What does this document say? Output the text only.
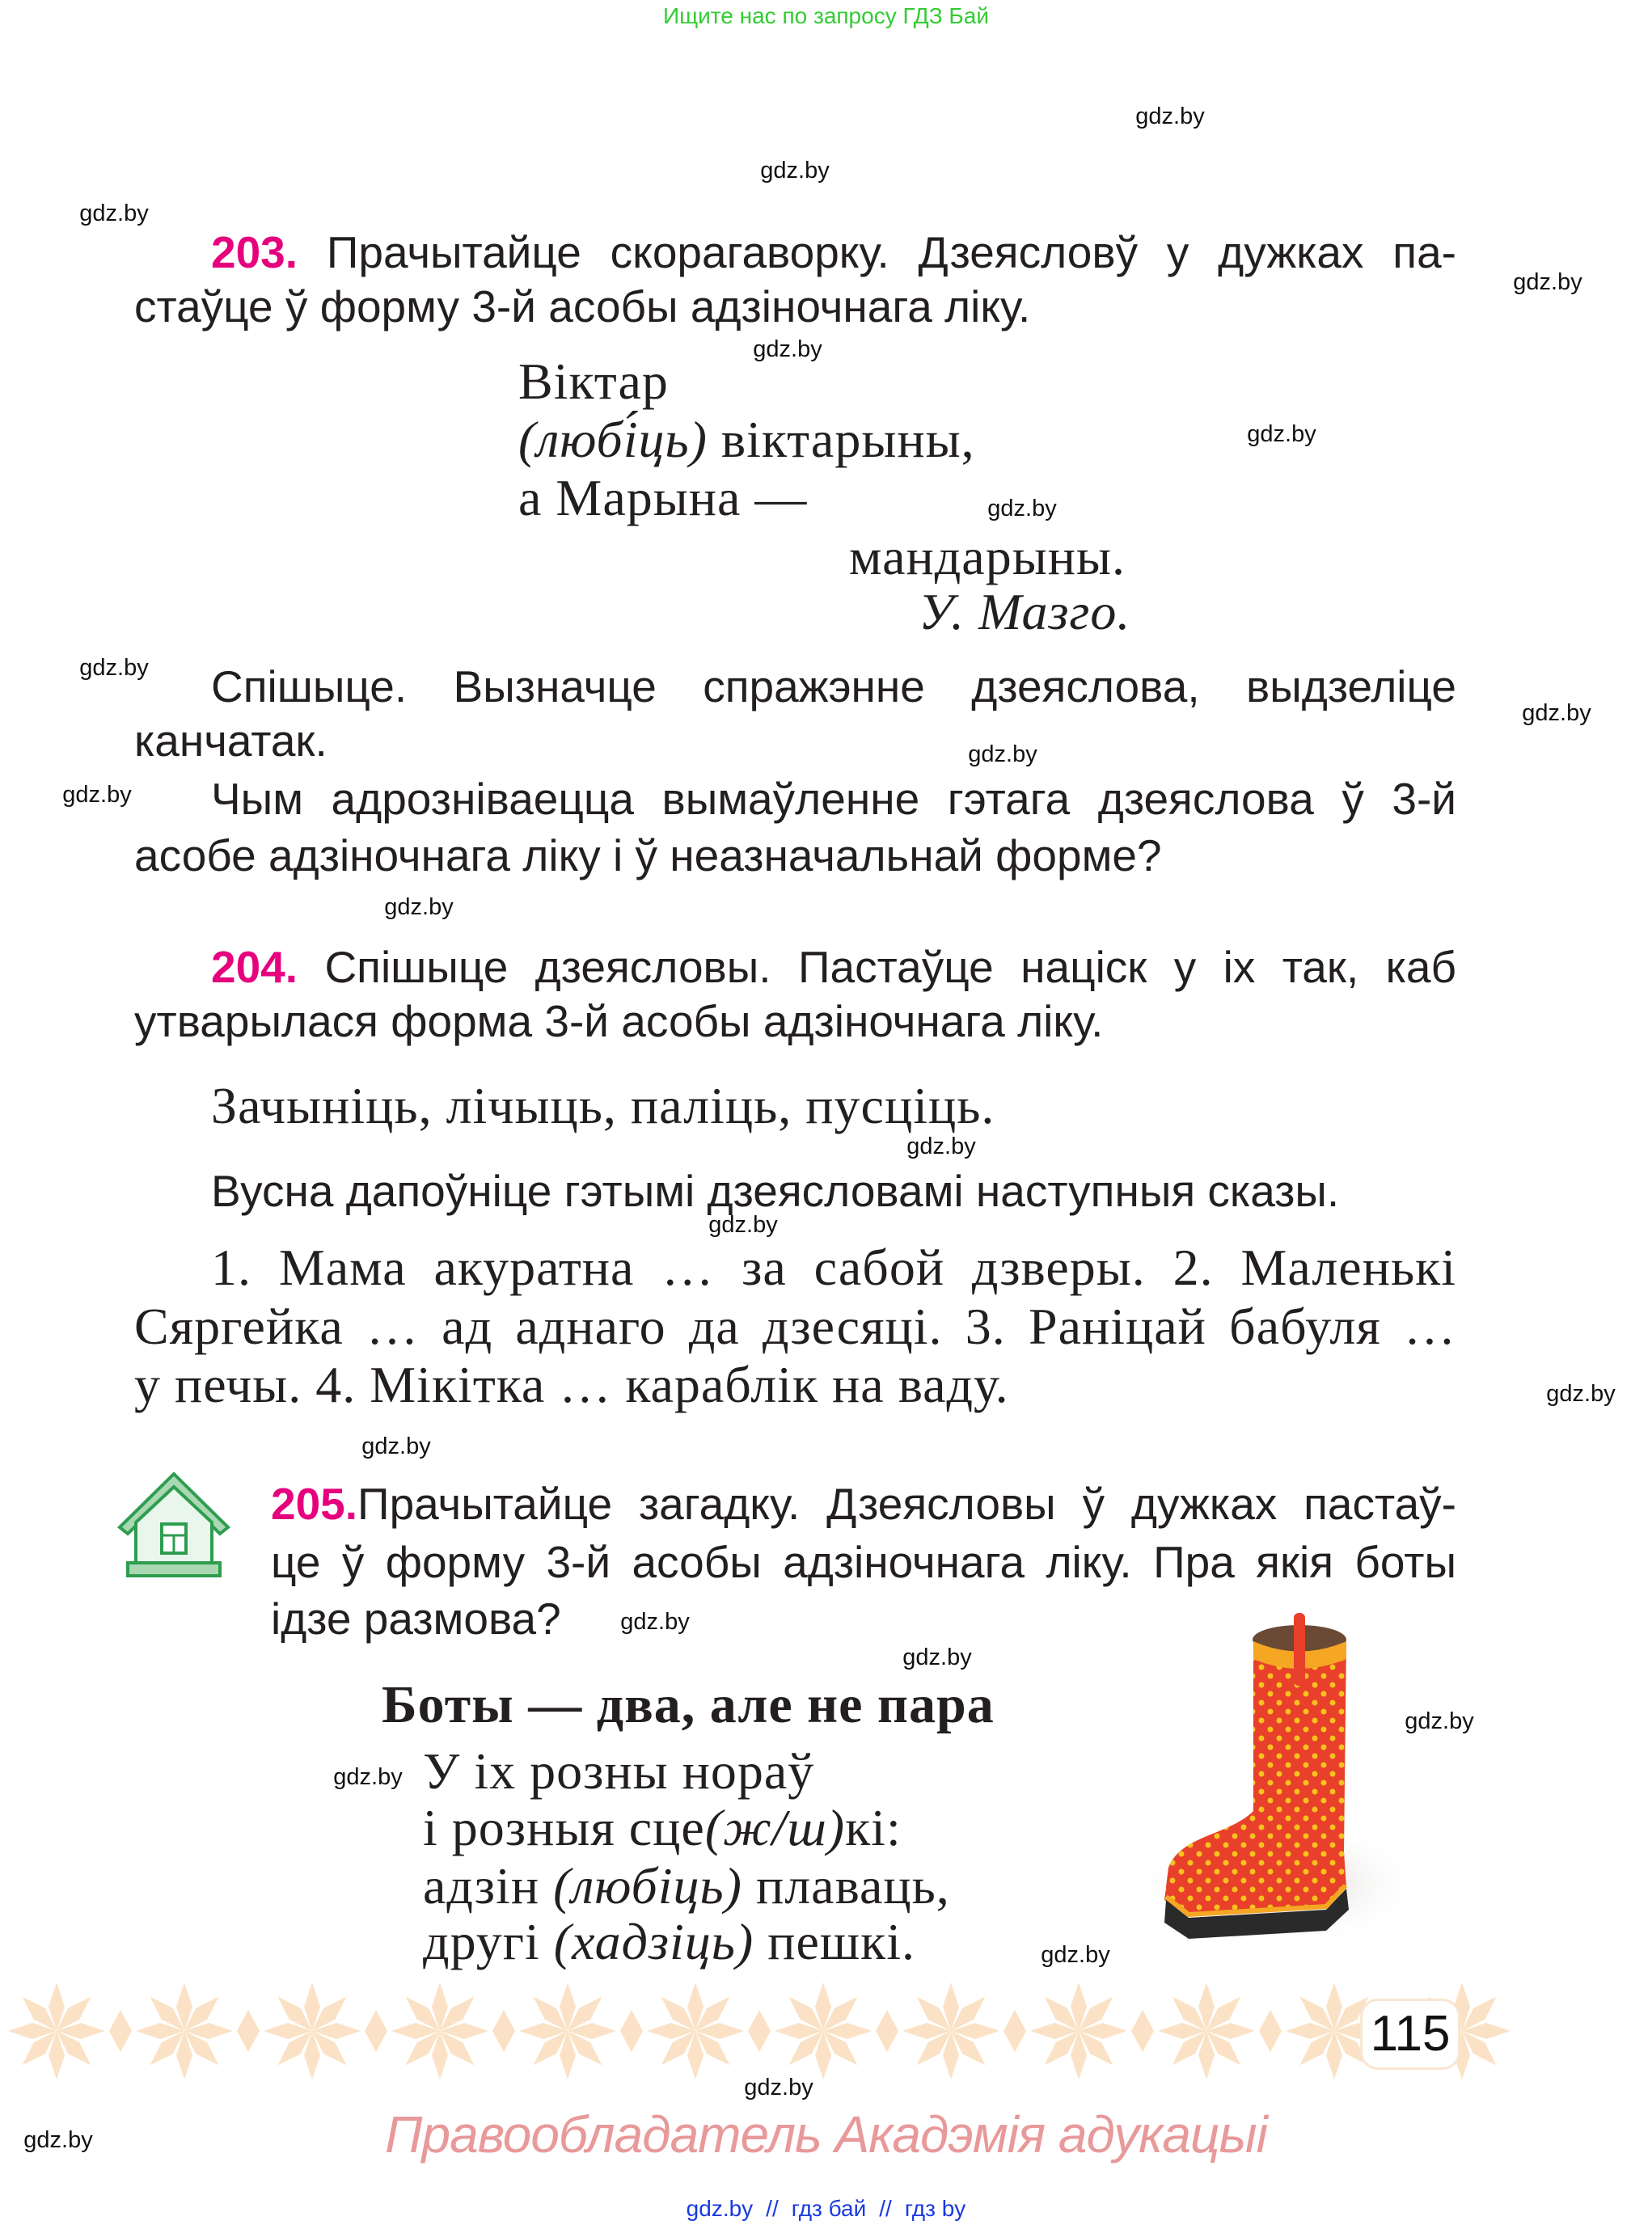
Ищите нас по запросу ГДЗ Бай
gdz.by
gdz.by
gdz.by
gdz.by
gdz.by
gdz.by
gdz.by
gdz.by
gdz.by
gdz.by
gdz.by
gdz.by
gdz.by
gdz.by
gdz.by
gdz.by
gdz.by
gdz.by
gdz.by
gdz.by
gdz.by
gdz.by
gdz.by
203. Прачытайце скорагаворку. Дзеясловў у дужках па-
стаўце ў форму 3-й асобы адзіночнага ліку.
Віктар
(любі́ць) віктарыны,
а Марына —
мандарыны.
У. Мазго.
Спішыце. Вызначце спражэнне дзеяслова, выдзеліце
канчатак.
Чым адрозніваецца вымаўленне гэтага дзеяслова ў 3-й
асобе адзіночнага ліку і ў неазначальнай форме?
204. Спішыце дзеясловы. Пастаўце націск у іх так, каб
утварылася форма 3-й асобы адзіночнага ліку.
Зачыніць, лічыць, паліць, пусціць.
Вусна дапоўніце гэтымі дзеясловамі наступныя сказы.
1. Мама акуратна … за сабой дзверы. 2. Маленькі
Сяргейка … ад аднаго да дзесяці. 3. Раніцай бабуля …
у печы. 4. Мікітка … караблік на ваду.
205.Прачытайце загадку. Дзеясловы ў дужках пастаў-
це ў форму 3-й асобы адзіночнага ліку. Пра якія боты
ідзе размова?
Боты — два, але не пара
У іх розны нораў
і розныя сце(ж/ш)кі:
адзін (любіць) плаваць,
другі (хадзіць) пешкі.
115
Правообладатель Акадэмія адукацыі
gdz.by // гдз бай // гдз by
